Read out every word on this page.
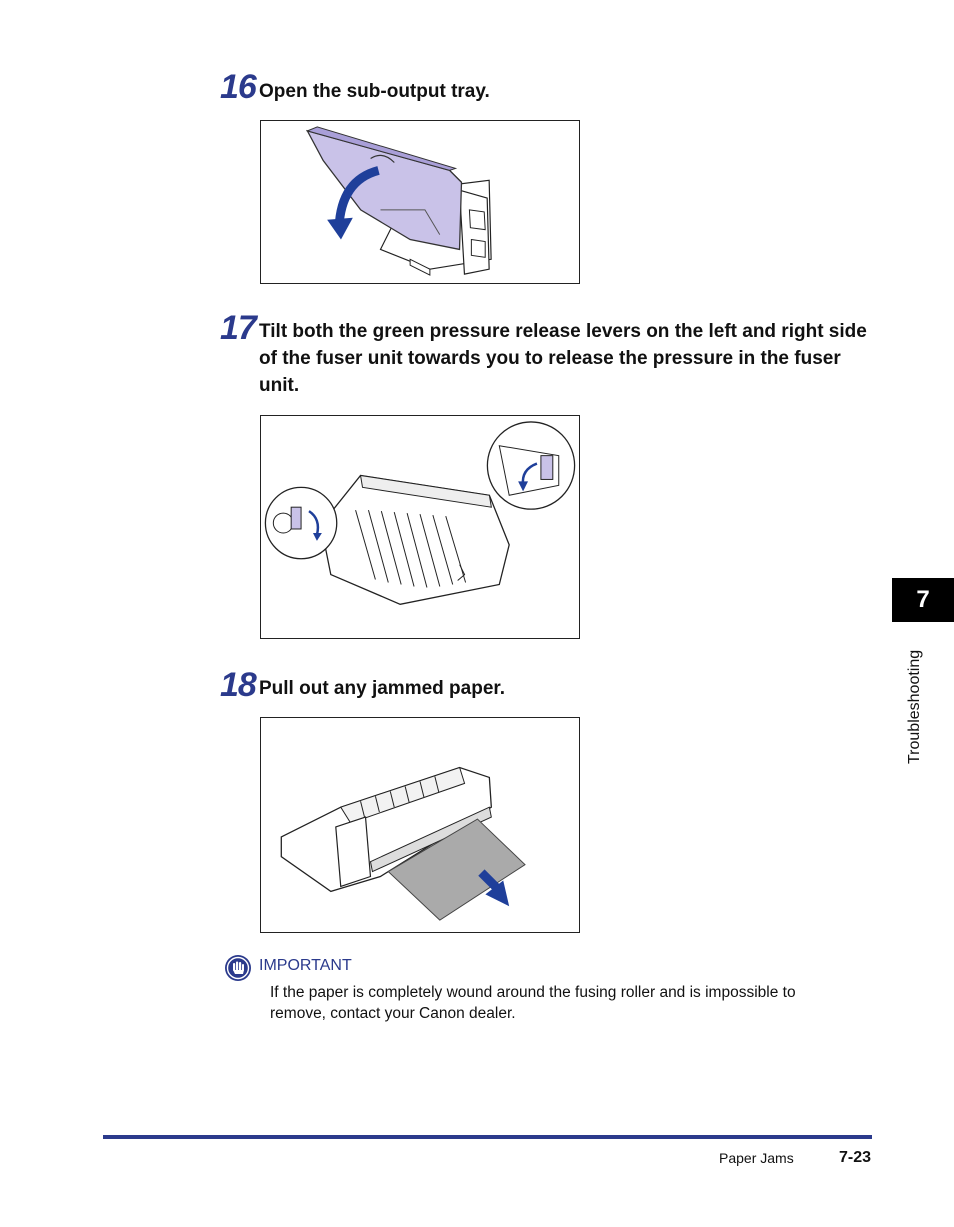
16 Open the sub-output tray.
17 Tilt both the green pressure release levers on the left and right side of the fuser unit towards you to release the pressure in the fuser unit.
18 Pull out any jammed paper.
IMPORTANT
If the paper is completely wound around the fusing roller and is impossible to remove, contact your Canon dealer.
7
Troubleshooting
Paper Jams	7-23
